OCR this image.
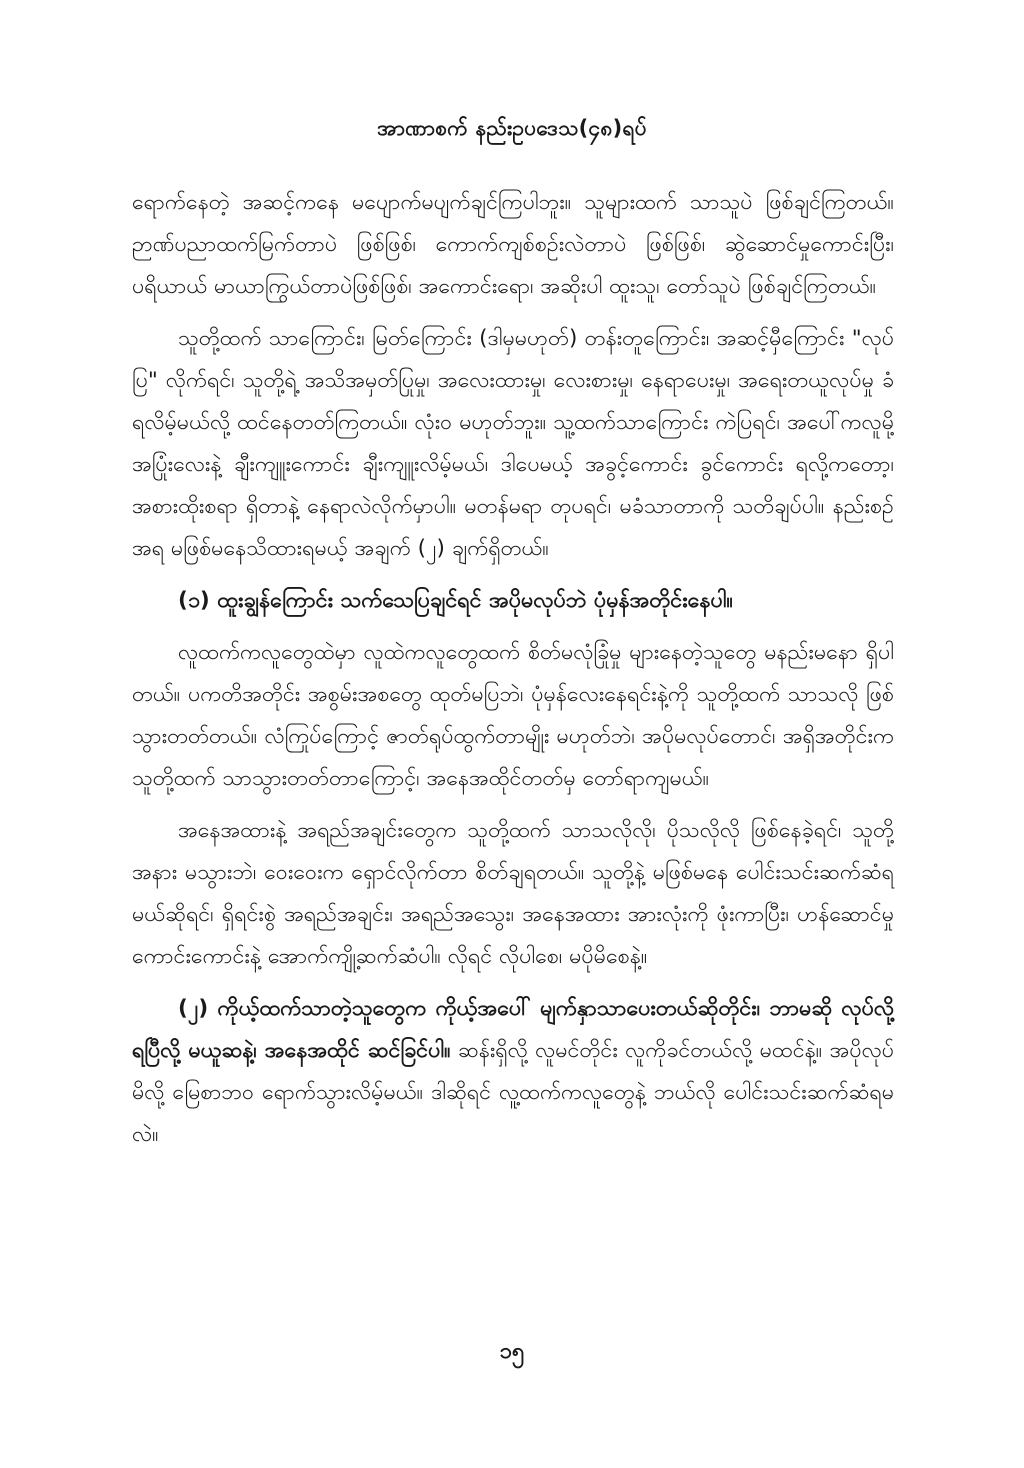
အာဏာစက် နည်းဥပဒေသ(၄၈)ရပ်

ရောက်နေတဲ့ အဆင့်ကနေ မပျောက်မပျက်ချင်ကြပါဘူး။ သူများထက် သာသူပဲ ဖြစ်ချင်ကြတယ်။ ဉာဏ်ပညာထက်မြက်တာပဲ ဖြစ်ဖြစ်၊ ကောက်ကျစ်စဉ်းလဲတာပဲ ဖြစ်ဖြစ်၊ ဆွဲဆောင်မှုကောင်းပြီး၊ ပရိယာယ် မာယာကြွယ်တာပဲဖြစ်ဖြစ်၊ အကောင်းရော၊ အဆိုးပါ ထူးသူ၊ တော်သူပဲ ဖြစ်ချင်ကြတယ်။

သူတို့ထက် သာကြောင်း၊ မြတ်ကြောင်း (ဒါမှမဟုတ်) တန်းတူကြောင်း၊ အဆင့်မှီကြောင်း "လုပ်ပြ" လိုက်ရင်၊ သူတို့ရဲ့ အသိအမှတ်ပြုမှု၊ အလေးထားမှု၊ လေးစားမှု၊ နေရာပေးမှု၊ အရေးတယူလုပ်မှု ခံရလိမ့်မယ်လို့ ထင်နေတတ်ကြတယ်။ လုံးဝ မဟုတ်ဘူး။ သူ့ထက်သာကြောင်း ကဲပြရင်၊ အပေါ်ကလူမို့ အပြုံးလေးနဲ့ ချီးကျူးကောင်း ချီးကျူးလိမ့်မယ်၊ ဒါပေမယ့် အခွင့်ကောင်း ခွင်ကောင်း ရလို့ကတော့၊ အစားထိုးစရာ ရှိတာနဲ့ နေရာလဲလိုက်မှာပါ။ မတန်မရာ တုပရင်၊ မခံသာတာကို သတိချပ်ပါ။ နည်းစဉ်အရ မဖြစ်မနေသိထားရမယ့် အချက် (၂) ချက်ရှိတယ်။

(၁) ထူးချွန်ကြောင်း သက်သေပြချင်ရင် အပိုမလုပ်ဘဲ ပုံမှန်အတိုင်းနေပါ။

လူထက်ကလူတွေထဲမှာ လူထဲကလူတွေထက် စိတ်မလုံခြုံမှု များနေတဲ့သူတွေ မနည်းမနော ရှိပါတယ်။ ပကတိအတိုင်း အစွမ်းအစတွေ ထုတ်မပြဘဲ၊ ပုံမှန်လေးနေရင်းနဲ့ကို သူတို့ထက် သာသလို ဖြစ်သွားတတ်တယ်။ လံကြုပ်ကြောင့် ဇာတ်ရုပ်ထွက်တာမျိုး မဟုတ်ဘဲ၊ အပိုမလုပ်တောင်၊ အရှိအတိုင်းက သူတို့ထက် သာသွားတတ်တာကြောင့်၊ အနေအထိုင်တတ်မှ တော်ရာကျမယ်။

အနေအထားနဲ့ အရည်အချင်းတွေက သူတို့ထက် သာသလိုလို၊ ပိုသလိုလို ဖြစ်နေခဲ့ရင်၊ သူတို့အနား မသွားဘဲ၊ ဝေးဝေးက ရှောင်လိုက်တာ စိတ်ချရတယ်။ သူတို့နဲ့ မဖြစ်မနေ ပေါင်းသင်းဆက်ဆံရမယ်ဆိုရင်၊ ရှိရင်းစွဲ အရည်အချင်း၊ အရည်အသွေး၊ အနေအထား အားလုံးကို ဖုံးကာပြီး၊ ဟန်ဆောင်မှုကောင်းကောင်းနဲ့ အောက်ကျို့ဆက်ဆံပါ။ လိုရင် လိုပါစေ၊ မပိုမိစေနဲ့။

(၂) ကိုယ့်ထက်သာတဲ့သူတွေက ကိုယ့်အပေါ် မျက်နှာသာပေးတယ်ဆိုတိုင်း၊ ဘာမဆို လုပ်လို့ရပြီလို့ မယူဆနဲ့၊ အနေအထိုင် ဆင်ခြင်ပါ။ ဆန်းရှိလို့ လူမင်တိုင်း လူကိုခင်တယ်လို့ မထင်နဲ့။ အပိုလုပ်မိလို့ မြေစာဘဝ ရောက်သွားလိမ့်မယ်။ ဒါဆိုရင် လူ့ထက်ကလူတွေနဲ့ ဘယ်လို ပေါင်းသင်းဆက်ဆံရမလဲ။

၁၅
